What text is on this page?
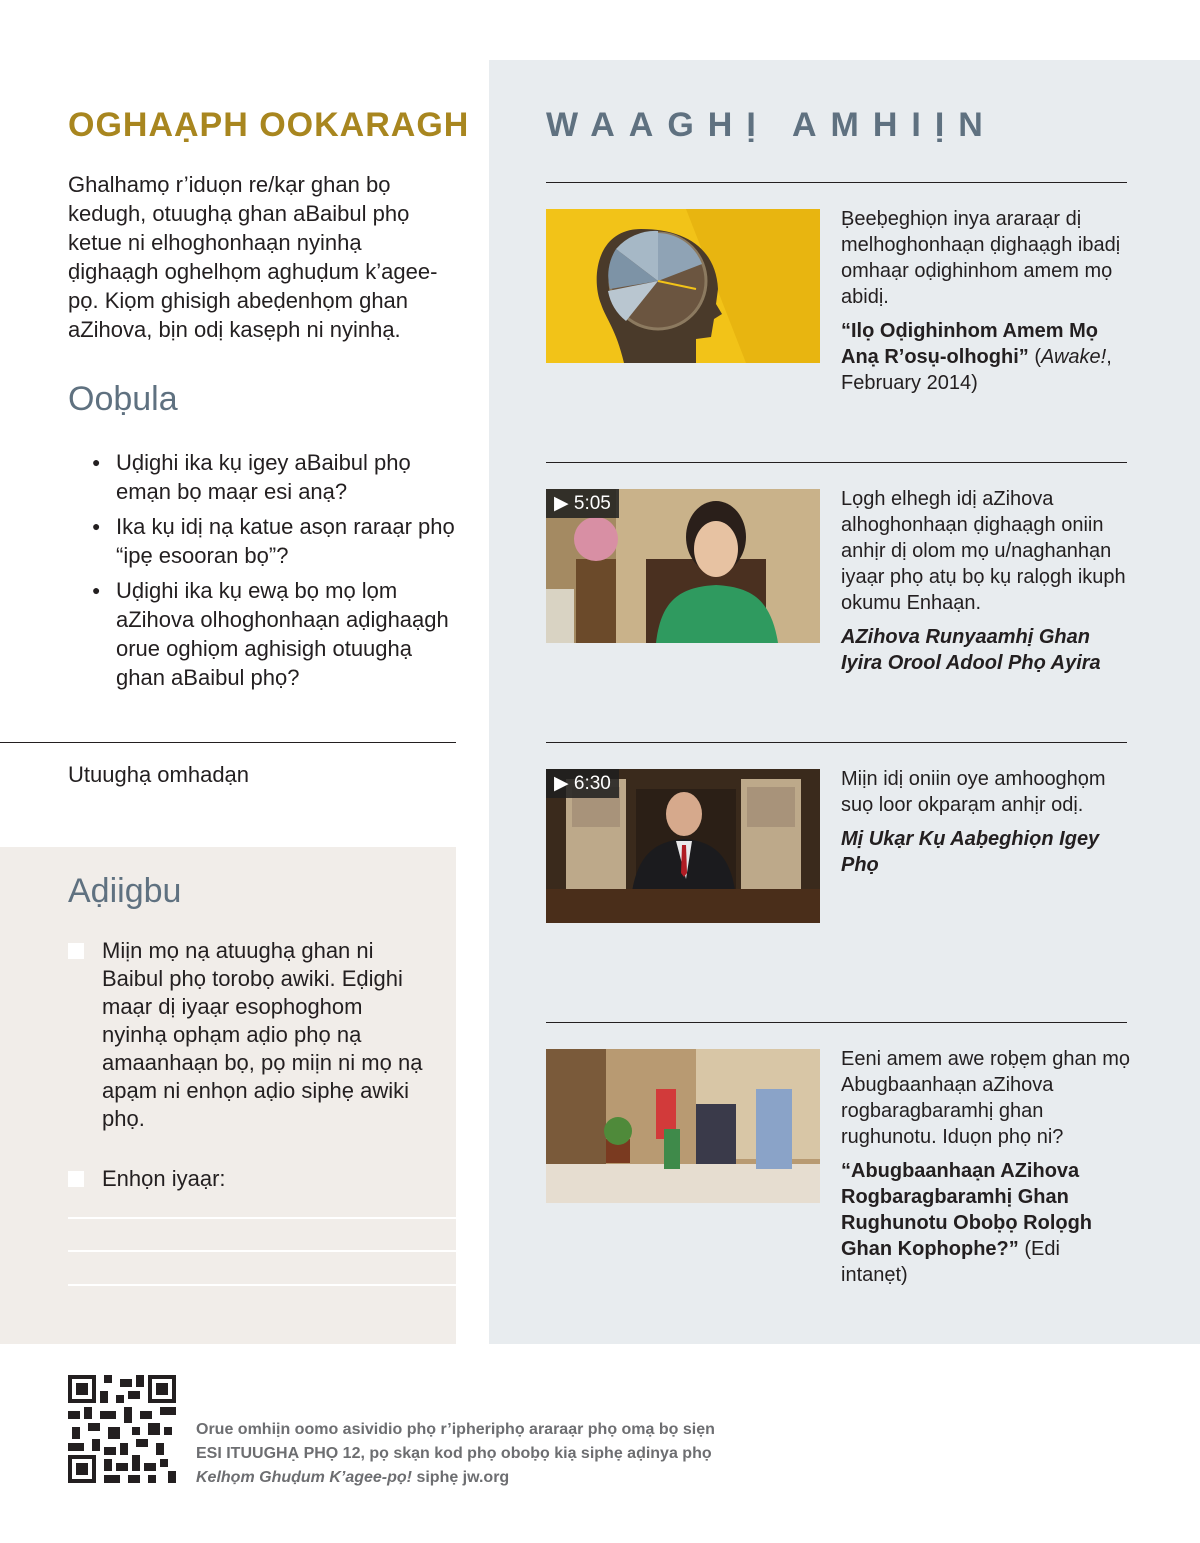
OGHAẠPH OOKARAGH

Ghalhamọ r’iduọn re/kạr ghan bọ kedugh, otuughạ ghan aBaibul phọ ketue ni elhoghonhaạn nyinhạ ḍighaạgh oghelhọm aghuḍum k’agee-pọ. Kiọm ghisigh abeḍenhọm ghan aZihova, bịn odị kasẹph ni nyinhạ.

Ooḅula
● Uḍighi ika kụ igey aBaibul phọ emạn bọ maạr esi anạ?
● Ika kụ idị nạ katue asọn raraạr phọ “ipẹ esooran bọ”?
● Uḍighi ika kụ ewạ bọ mọ lọm aZihova olhoghonhaạn aḍighaạgh orue oghiọm aghisigh otuughạ ghan aBaibul phọ?
Utuughạ omhadạn
Aḍiigbu
Miịn mọ nạ atuughạ ghan ni Baibul phọ torobọ awiki. Eḍighi maạr dị iyaạr esophoghom nyinhạ ophạm aḍio phọ nạ amaanhaạn bọ, pọ miịn ni mọ nạ apạm ni enhọn aḍio siphẹ awiki phọ.
Enhọn iyaạr:
WAAGHỊ AMHIỊN

Ḅeeḅeghiọn inya araraạr dị melhoghonhaạn ḍighaạgh ibadị omhaạr oḍighinhom amem mọ abidị.

“Ilọ Oḍighinhom Amem Mọ Anạ R’osụ-olhoghi” (Awake!, February 2014)

▶ 5:05	Lọgh elhegh idị aZihova alhoghonhaạn ḍighaạgh oniin anhịr dị olom mọ u/naghanhạn iyaạr phọ atụ bọ kụ ralọgh ikuph okumu Enhaạn.

AZihova Runyaamhị Ghan Iyira Orool Adool Phọ Ayira

▶ 6:30	Miịn idị oniin oye amhooghọm suọ loor okparạm anhịr odị.

Mị Ukạr Kụ Aaḅeghiọn Igey Phọ

Eeni amem awe roḅẹm ghan mọ Abugbaanhaạn aZihova rogbaragbaramhị ghan rughunotu. Iduọn phọ ni?

“Abugbaanhaạn AZihova Rogbaragbaramhị Ghan Rughunotu Oboḅọ Rolọgh Ghan Kophophe?” (Edi intanẹt)

Orue omhiịn oomo asividio phọ r’ipheriphọ araraạr phọ omạ bọ siẹn ESI ITUUGHẠ PHỌ 12, pọ skạn kod phọ oboḅọ kiạ siphẹ aḍinya phọ Kelhọm Ghuḍum K’agee-pọ! siphẹ jw.org
